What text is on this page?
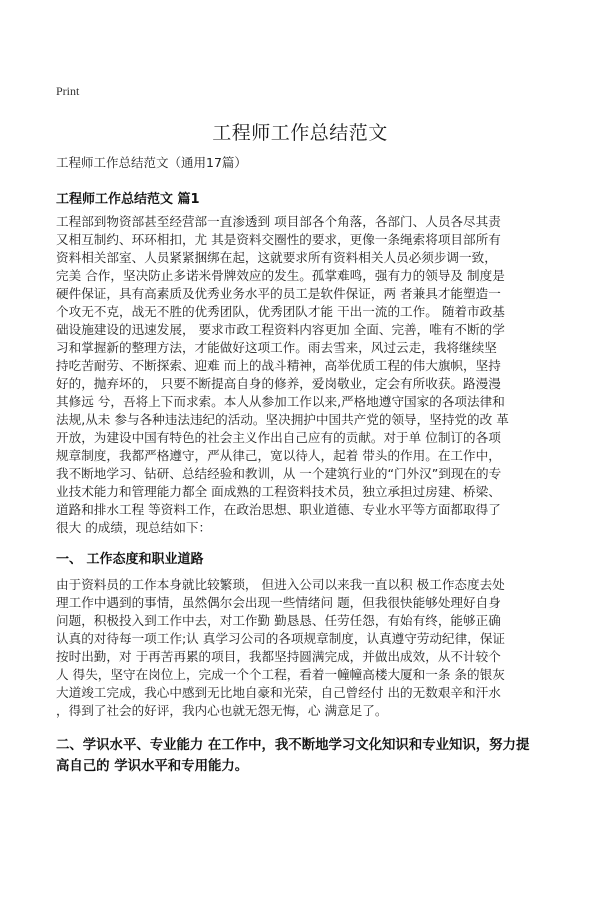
Print
工程师工作总结范文
工程师工作总结范文（通用17篇）
工程师工作总结范文 篇1
工程部到物资部甚至经营部一直渗透到 项目部各个角落，各部门、人员各尽其责
又相互制约、环环相扣，尤 其是资料交圈性的要求，更像一条绳索将项目部所有
资料相关部室、人员紧紧捆绑在起，这就要求所有资料相关人员必须步调一致，
完美 合作，坚决防止多诺米骨牌效应的发生。孤掌难鸣，强有力的领导及 制度是
硬件保证，具有高素质及优秀业务水平的员工是软件保证，两 者兼具才能塑造一
个攻无不克，战无不胜的优秀团队，优秀团队才能 干出一流的工作。 随着市政基
础设施建设的迅速发展， 要求市政工程资料内容更加 全面、完善，唯有不断的学
习和掌握新的整理方法，才能做好这项工作。雨去雪来，风过云走，我将继续坚
持吃苦耐劳、不断探索、迎难 而上的战斗精神，高举优质工程的伟大旗帜，坚持
好的，抛弃坏的， 只要不断提高自身的修养，爱岗敬业，定会有所收获。路漫漫
其修远 兮，吾将上下而求索。本人从参加工作以来,严格地遵守国家的各项法律和
法规,从未 参与各种违法违纪的活动。坚决拥护中国共产党的领导，坚持党的改 革
开放，为建设中国有特色的社会主义作出自己应有的贡献。对于单 位制订的各项
规章制度，我都严格遵守，严从律己，宽以待人，起着 带头的作用。在工作中，
我不断地学习、钻研、总结经验和教训，从 一个建筑行业的“门外汉”到现在的专
业技术能力和管理能力都全 面成熟的工程资料技术员，独立承担过房建、桥梁、
道路和排水工程 等资料工作，在政治思想、职业道德、专业水平等方面都取得了
很大 的成绩，现总结如下：
一、 工作态度和职业道路
由于资料员的工作本身就比较繁琐， 但进入公司以来我一直以积 极工作态度去处
理工作中遇到的事情，虽然偶尔会出现一些情绪问 题，但我很快能够处理好自身
问题，积极投入到工作中去，对工作勤 勤恳恳、任劳任怨，有始有终，能够正确
认真的对待每一项工作;认 真学习公司的各项规章制度，认真遵守劳动纪律，保证
按时出勤，对 于再苦再累的项目，我都坚持圆满完成，并做出成效，从不计较个
人 得失，坚守在岗位上，完成一个个工程，看着一幢幢高楼大厦和一条 条的银灰
大道竣工完成，我心中感到无比地自豪和光荣，自己曾经付 出的无数艰辛和汗水
，得到了社会的好评，我内心也就无怨无悔，心 满意足了。
二、学识水平、专业能力 在工作中，我不断地学习文化知识和专业知识，努力提
高自己的 学识水平和专用能力。
